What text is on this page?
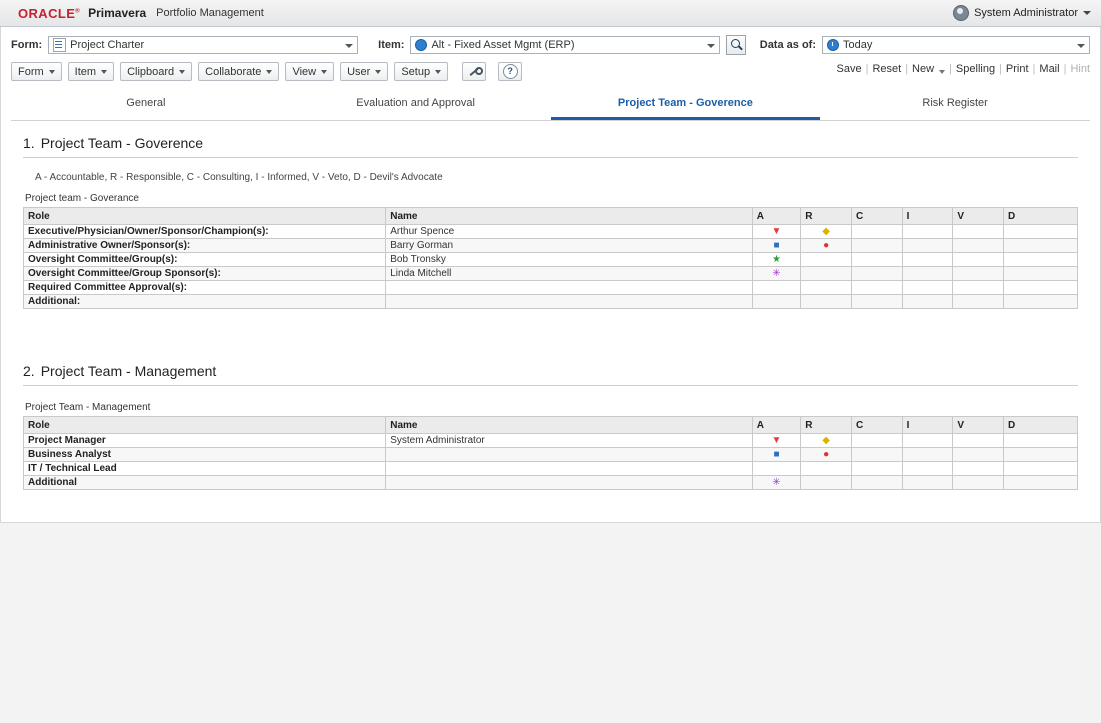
ORACLE® Primavera Portfolio Management	System Administrator
Form:	Project Charter	Item: Alt - Fixed Asset Mgmt (ERP)	Data as of: Today
Form	Item	Clipboard	Collaborate	View	User	Setup	?	Save | Reset | New | Spelling | Print | Mail | Hint
General	Evaluation and Approval	Project Team - Goverence	Risk Register
1. Project Team - Goverence
A - Accountable, R - Responsible, C - Consulting, I - Informed, V - Veto, D - Devil's Advocate
Project team - Goverance
Role	Name	A	R	C	I	V	D
Executive/Physician/Owner/Sponsor/Champion(s):	Arthur Spence	▼	◆				
Administrative Owner/Sponsor(s):	Barry Gorman	■	●				
Oversight Committee/Group(s):	Bob Tronsky	★					
Oversight Committee/Group Sponsor(s):	Linda Mitchell	✳					
Required Committee Approval(s):							
Additional:							
2. Project Team - Management
Project Team - Management
Role	Name	A	R	C	I	V	D
Project Manager	System Administrator	▼	◆				
Business Analyst		■	●				
IT / Technical Lead							
Additional		✳					
